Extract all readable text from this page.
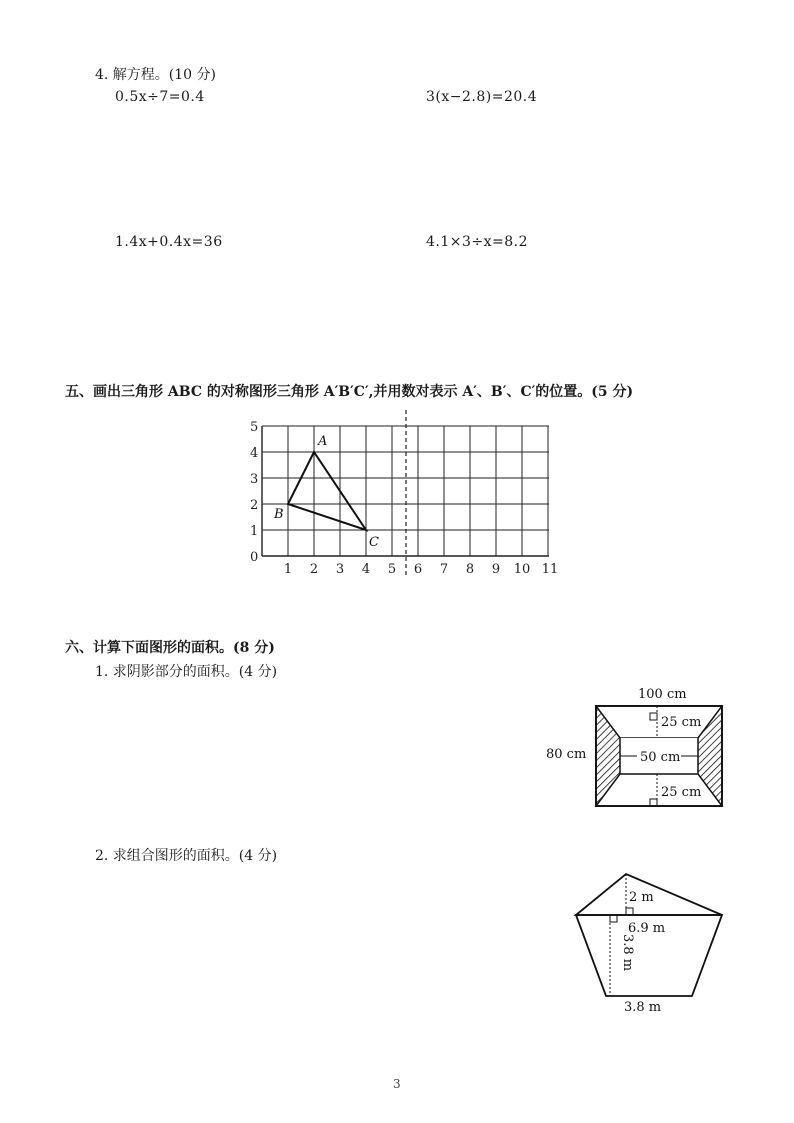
4. 解方程。(10 分)
0.5x÷7=0.4	3(x−2.8)=20.4
1.4x+0.4x=36	4.1×3÷x=8.2
五、画出三角形 ABC 的对称图形三角形 A′B′C′,并用数对表示 A′、B′、C′的位置。(5 分)
5
4
3
2
1
0
1 2 3 4 5 6 7 8 9 10 11
A
B
C
六、计算下面图形的面积。(8 分)
1. 求阴影部分的面积。(4 分)
100 cm
80 cm
25 cm
50 cm
25 cm
2. 求组合图形的面积。(4 分)
2 m
6.9 m
3.8 m
3.8 m
3
